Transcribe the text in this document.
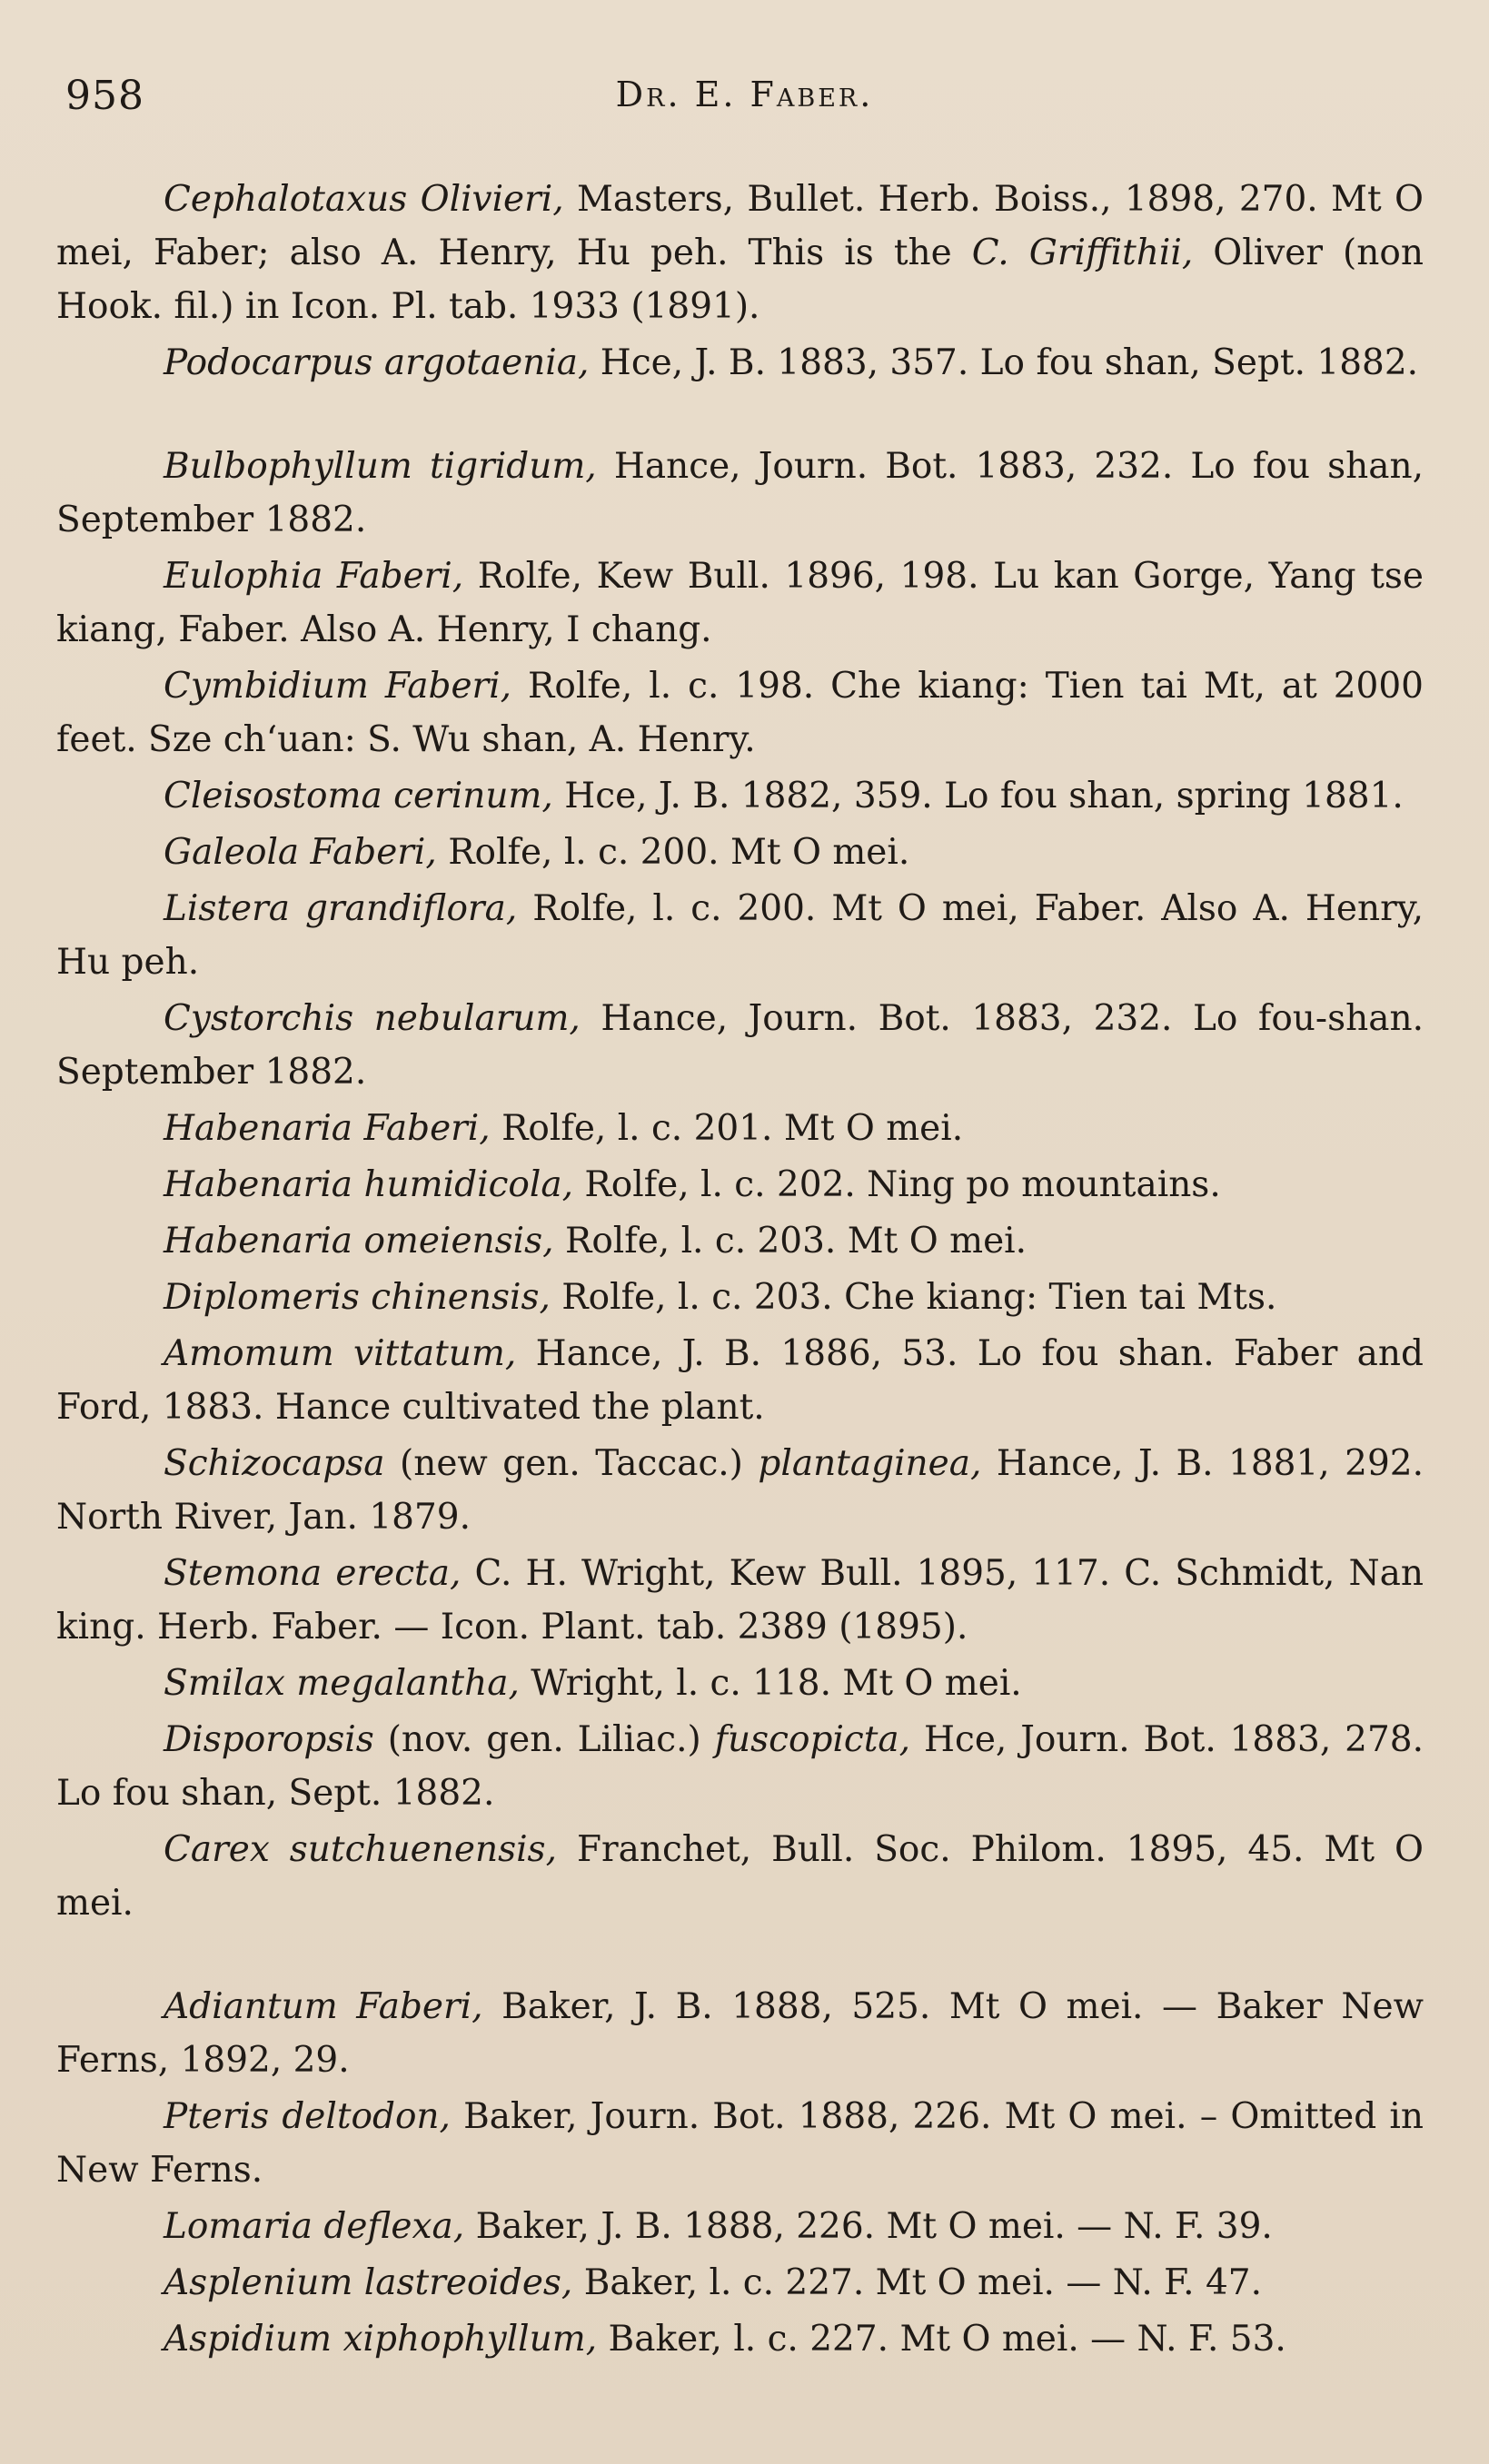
958	Dr. E. Faber.

Cephalotaxus Olivieri, Masters, Bullet. Herb. Boiss., 1898, 270. Mt O mei, Faber; also A. Henry, Hu peh. This is the C. Griffithii, Oliver (non Hook. fil.) in Icon. Pl. tab. 1933 (1891).

Podocarpus argotaenia, Hce, J. B. 1883, 357. Lo fou shan, Sept. 1882.

Bulbophyllum tigridum, Hance, Journ. Bot. 1883, 232. Lo fou shan, September 1882.

Eulophia Faberi, Rolfe, Kew Bull. 1896, 198. Lu kan Gorge, Yang tse kiang, Faber. Also A. Henry, I chang.

Cymbidium Faberi, Rolfe, l. c. 198. Che kiang: Tien tai Mt, at 2000 feet. Sze chʻuan: S. Wu shan, A. Henry.

Cleisostoma cerinum, Hce, J. B. 1882, 359. Lo fou shan, spring 1881.

Galeola Faberi, Rolfe, l. c. 200. Mt O mei.

Listera grandiflora, Rolfe, l. c. 200. Mt O mei, Faber. Also A. Henry, Hu peh.

Cystorchis nebularum, Hance, Journ. Bot. 1883, 232. Lo fou-shan. September 1882.

Habenaria Faberi, Rolfe, l. c. 201. Mt O mei.

Habenaria humidicola, Rolfe, l. c. 202. Ning po mountains.

Habenaria omeiensis, Rolfe, l. c. 203. Mt O mei.

Diplomeris chinensis, Rolfe, l. c. 203. Che kiang: Tien tai Mts.

Amomum vittatum, Hance, J. B. 1886, 53. Lo fou shan. Faber and Ford, 1883. Hance cultivated the plant.

Schizocapsa (new gen. Taccac.) plantaginea, Hance, J. B. 1881, 292. North River, Jan. 1879.

Stemona erecta, C. H. Wright, Kew Bull. 1895, 117. C. Schmidt, Nan king. Herb. Faber. — Icon. Plant. tab. 2389 (1895).

Smilax megalantha, Wright, l. c. 118. Mt O mei.

Disporopsis (nov. gen. Liliac.) fuscopicta, Hce, Journ. Bot. 1883, 278. Lo fou shan, Sept. 1882.

Carex sutchuenensis, Franchet, Bull. Soc. Philom. 1895, 45. Mt O mei.

Adiantum Faberi, Baker, J. B. 1888, 525. Mt O mei. — Baker New Ferns, 1892, 29.

Pteris deltodon, Baker, Journ. Bot. 1888, 226. Mt O mei. – Omitted in New Ferns.

Lomaria deflexa, Baker, J. B. 1888, 226. Mt O mei. — N. F. 39.

Asplenium lastreoides, Baker, l. c. 227. Mt O mei. — N. F. 47.

Aspidium xiphophyllum, Baker, l. c. 227. Mt O mei. — N. F. 53.
